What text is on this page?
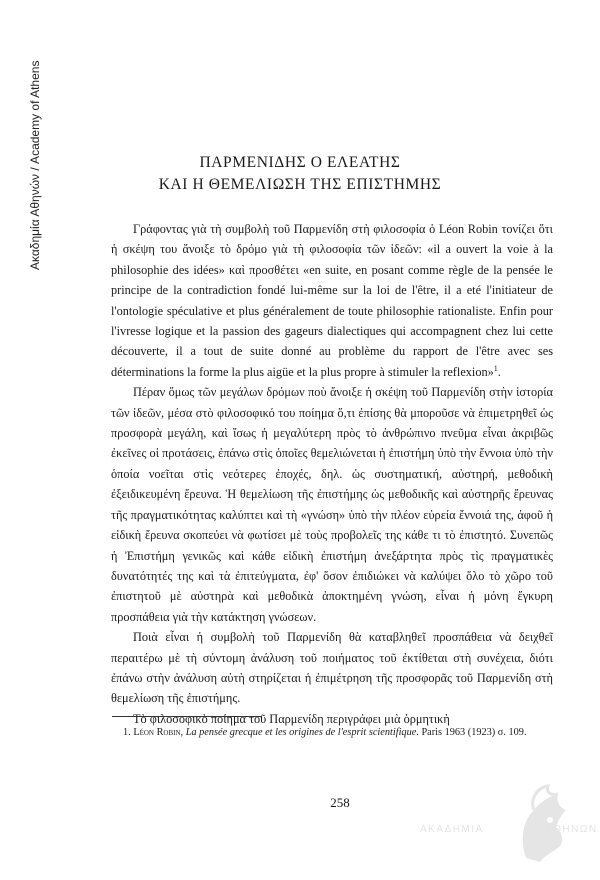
Ακαδημία Αθηνών / Academy of Athens	ΠΑΡΜΕΝΙΔΗΣ Ο ΕΛΕΑΤΗΣ
ΚΑΙ Η ΘΕΜΕΛΙΩΣΗ ΤΗΣ ΕΠΙΣΤΗΜΗΣ

Γράφοντας γιὰ τὴ συμβολὴ τοῦ Παρμενίδη στὴ φιλοσοφία ὁ Léon Robin τονίζει ὅτι ἡ σκέψη του ἄνοιξε τὸ δρόμο γιὰ τὴ φιλοσοφία τῶν ἰδεῶν: «il a ouvert la voie à la philosophie des idées» καὶ προσθέτει «en suite, en posant comme règle de la pensée le principe de la contradiction fondé lui-même sur la loi de l'être, il a eté l'initiateur de l'ontologie spéculative et plus généralement de toute philosophie rationaliste. Enfin pour l'ivresse logique et la passion des gageurs dialectiques qui accompagnent chez lui cette découverte, il a tout de suite donné au problème du rapport de l'être avec ses déterminations la forme la plus aigüe et la plus propre à stimuler la reflexion»$^1$.

Πέραν ὅμως τῶν μεγάλων δρόμων ποὺ ἄνοιξε ἡ σκέψη τοῦ Παρμενίδη στὴν ἱστορία τῶν ἰδεῶν, μέσα στὸ φιλοσοφικό του ποίημα ὅ,τι ἐπίσης θὰ μποροῦσε νὰ ἐπιμετρηθεῖ ὡς προσφορὰ μεγάλη, καὶ ἴσως ἡ μεγαλύτερη πρὸς τὸ ἀνθρώπινο πνεῦμα εἶναι ἀκριβῶς ἐκεῖνες οἱ προτάσεις, ἐπάνω στὶς ὁποῖες θεμελιώνεται ἡ ἐπιστήμη ὑπὸ τὴν ἔννοια ὑπὸ τὴν ὁποία νοεῖται στὶς νεότερες ἐποχές, δηλ. ὡς συστηματική, αὐστηρή, μεθοδικὴ ἐξειδικευμένη ἔρευνα. Ἡ θεμελίωση τῆς ἐπιστήμης ὡς μεθοδικῆς καὶ αὐστηρῆς ἔρευνας τῆς πραγματικότητας καλύπτει καὶ τὴ «γνώση» ὑπὸ τὴν πλέον εὐρεία ἔννοιά της, ἀφοῦ ἡ εἰδικὴ ἔρευνα σκοπεύει νὰ φωτίσει μὲ τοὺς προβολεῖς της κάθε τι τὸ ἐπιστητό. Συνεπῶς ἡ Ἐπιστήμη γενικῶς καὶ κάθε εἰδικὴ ἐπιστήμη ἀνεξάρτητα πρὸς τὶς πραγματικὲς δυνατότητές της καὶ τὰ ἐπιτεύγματα, ἐφ' ὅσον ἐπιδιώκει νὰ καλύψει ὅλο τὸ χῶρο τοῦ ἐπιστητοῦ μὲ αὐστηρὰ καὶ μεθοδικὰ ἀποκτημένη γνώση, εἶναι ἡ μόνη ἔγκυρη προσπάθεια γιὰ τὴν κατάκτηση γνώσεων.

Ποιὰ εἶναι ἡ συμβολὴ τοῦ Παρμενίδη θὰ καταβληθεῖ προσπάθεια νὰ δειχθεῖ περαιτέρω μὲ τὴ σύντομη ἀνάλυση τοῦ ποιήματος τοῦ ἐκτίθεται στὴ συνέχεια, διότι ἐπάνω στὴν ἀνάλυση αὐτὴ στηρίζεται ἡ ἐπιμέτρηση τῆς προσφορᾶς τοῦ Παρμενίδη στὴ θεμελίωση τῆς ἐπιστήμης.

Τὸ φιλοσοφικὸ ποίημα τοῦ Παρμενίδη περιγράφει μιὰ ὁρμητικὴ

1. Léon Robin, La pensée grecque et les origines de l'esprit scientifique. Paris 1963 (1923) σ. 109.
258
ΑΚΑΔΗΜΙΑ	ΑΘΗΝΩΝ
